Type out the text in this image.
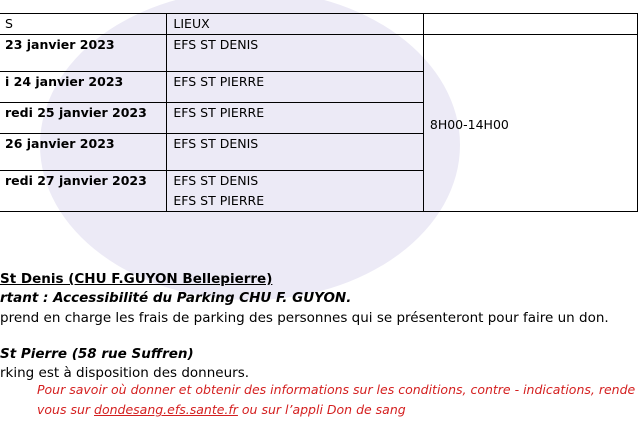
S	LIEUX	

23 janvier 2023	EFS ST DENIS	8H00-14H00

i 24 janvier 2023	EFS ST PIERRE	

redi 25 janvier 2023	EFS ST PIERRE	

26 janvier 2023	EFS ST DENIS	

redi 27 janvier 2023	EFS ST DENIS
EFS ST PIERRE	
St Denis (CHU F.GUYON Bellepierre)
rtant : Accessibilité du Parking CHU F. GUYON.
prend en charge les frais de parking des personnes qui se présenteront pour faire un don.
St Pierre (58 rue Suffren)
rking est à disposition des donneurs.
Pour savoir où donner et obtenir des informations sur les conditions, contre - indications, rende
vous sur dondesang.efs.sante.fr ou sur l’appli Don de sang
